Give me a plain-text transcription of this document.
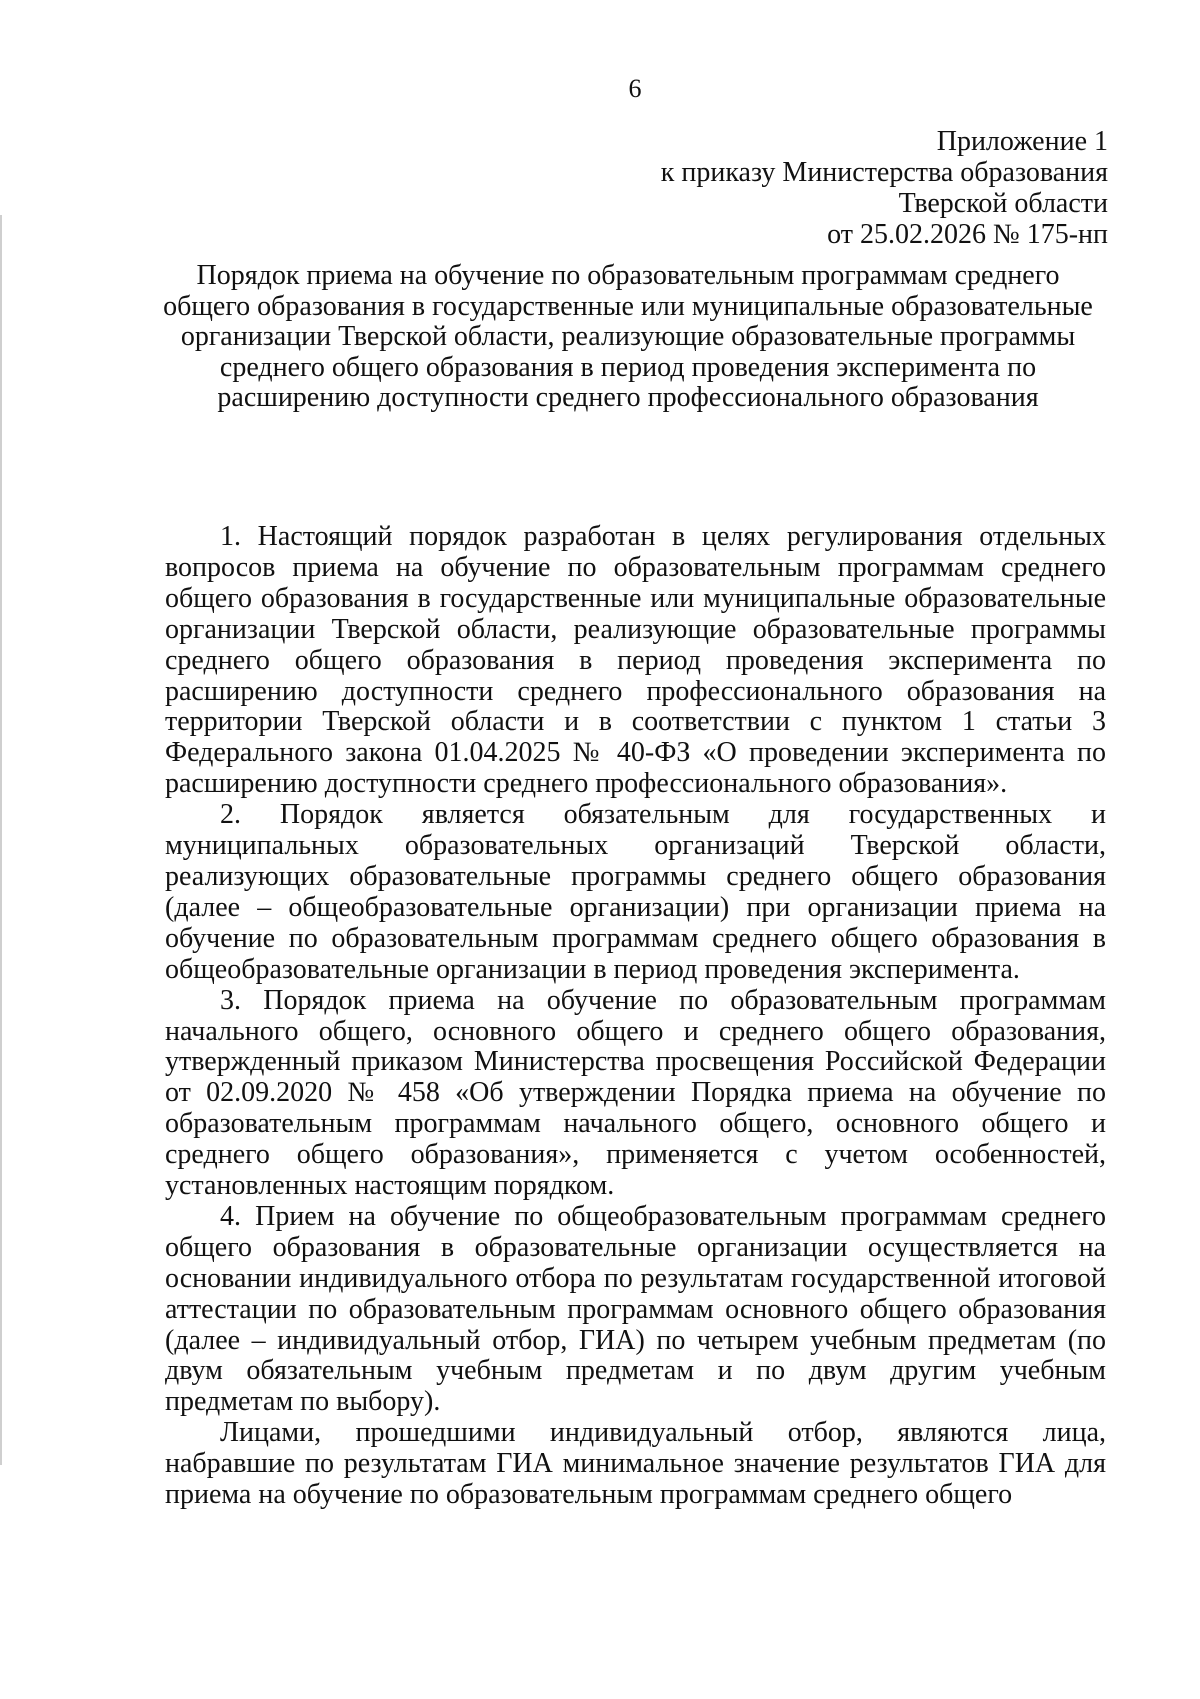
6
Приложение 1
к приказу Министерства образования
Тверской области
от 25.02.2026 № 175-нп
Порядок приема на обучение по образовательным программам среднего общего образования в государственные или муниципальные образовательные организации Тверской области, реализующие образовательные программы среднего общего образования в период проведения эксперимента по расширению доступности среднего профессионального образования

1. Настоящий порядок разработан в целях регулирования отдельных вопросов приема на обучение по образовательным программам среднего общего образования в государственные или муниципальные образовательные организации Тверской области, реализующие образовательные программы среднего общего образования в период проведения эксперимента по расширению доступности среднего профессионального образования на территории Тверской области и в соответствии с пунктом 1 статьи 3 Федерального закона 01.04.2025 № 40-ФЗ «О проведении эксперимента по расширению доступности среднего профессионального образования».

2. Порядок является обязательным для государственных и муниципальных образовательных организаций Тверской области, реализующих образовательные программы среднего общего образования (далее – общеобразовательные организации) при организации приема на обучение по образовательным программам среднего общего образования в общеобразовательные организации в период проведения эксперимента.

3. Порядок приема на обучение по образовательным программам начального общего, основного общего и среднего общего образования, утвержденный приказом Министерства просвещения Российской Федерации от 02.09.2020 № 458 «Об утверждении Порядка приема на обучение по образовательным программам начального общего, основного общего и среднего общего образования», применяется с учетом особенностей, установленных настоящим порядком.

4. Прием на обучение по общеобразовательным программам среднего общего образования в образовательные организации осуществляется на основании индивидуального отбора по результатам государственной итоговой аттестации по образовательным программам основного общего образования (далее – индивидуальный отбор, ГИА) по четырем учебным предметам (по двум обязательным учебным предметам и по двум другим учебным предметам по выбору).

Лицами, прошедшими индивидуальный отбор, являются лица, набравшие по результатам ГИА минимальное значение результатов ГИА для приема на обучение по образовательным программам среднего общего
